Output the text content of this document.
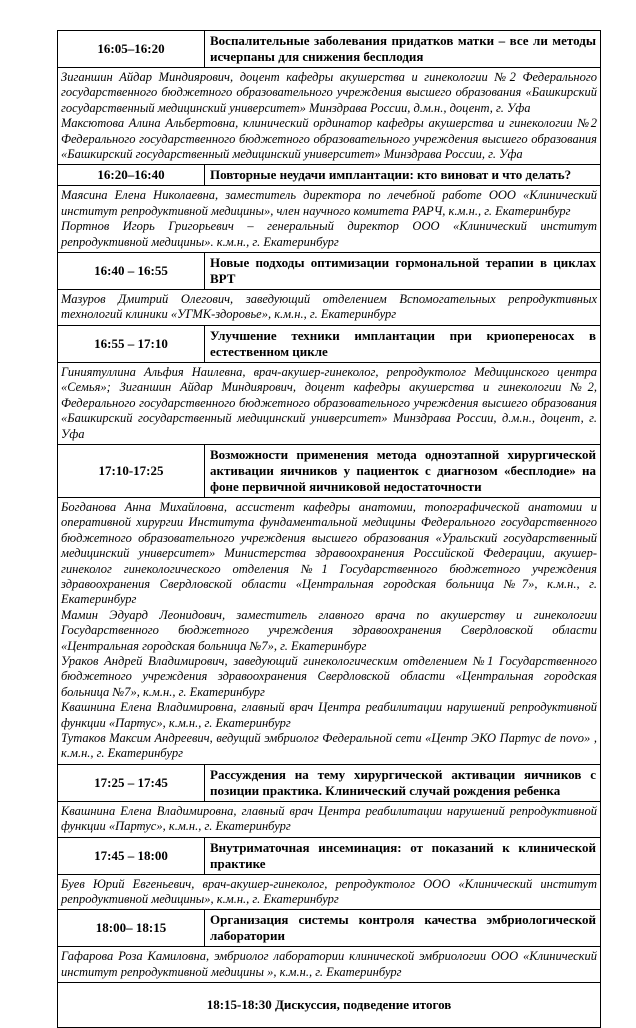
16:05–16:20	Воспалительные заболевания придатков матки – все ли методы исчерпаны для снижения бесплодия

Зиганшин Айдар Миндиярович, доцент кафедры акушерства и гинекологии №2 Федерального государственного бюджетного образовательного учреждения высшего образования «Башкирский государственный медицинский университет» Минздрава России, д.м.н., доцент, г. Уфа

Максютова Алина Альбертовна, клинический ординатор кафедры акушерства и гинекологии №2 Федерального государственного бюджетного образовательного учреждения высшего образования «Башкирский государственный медицинский университет» Минздрава России, г. Уфа	

16:20–16:40	Повторные неудачи имплантации: кто виноват и что делать?

Маясина Елена Николаевна, заместитель директора по лечебной работе ООО «Клинический институт репродуктивной медицины», член научного комитета РАРЧ, к.м.н., г. Екатеринбург

Портнов Игорь Григорьевич – генеральный директор ООО «Клинический институт репродуктивной медицины». к.м.н., г. Екатеринбург	

16:40 – 16:55	Новые подходы оптимизации гормональной терапии в циклах ВРТ

Мазуров Дмитрий Олегович, заведующий отделением Вспомогательных репродуктивных технологий клиники «УГМК-здоровье», к.м.н., г. Екатеринбург	

16:55 – 17:10	Улучшение техники имплантации при криопереносах в естественном цикле

Гиниятуллина Альфия Наилевна, врач-акушер-гинеколог, репродуктолог Медицинского центра «Семья»; Зиганшин Айдар Миндиярович, доцент кафедры акушерства и гинекологии №2, Федерального государственного бюджетного образовательного учреждения высшего образования «Башкирский государственный медицинский университет» Минздрава России, д.м.н., доцент, г. Уфа	

17:10-17:25	Возможности применения метода одноэтапной хирургической активации яичников у пациенток с диагнозом «бесплодие» на фоне первичной яичниковой недостаточности

Богданова Анна Михайловна, ассистент кафедры анатомии, топографической анатомии и оперативной хирургии Института фундаментальной медицины Федерального государственного бюджетного образовательного учреждения высшего образования «Уральский государственный медицинский университет» Министерства здравоохранения Российской Федерации, акушер-гинеколог гинекологического отделения №1 Государственного бюджетного учреждения здравоохранения Свердловской области «Центральная городская больница №7», к.м.н., г. Екатеринбург

Мамин Эдуард Леонидович, заместитель главного врача по акушерству и гинекологии Государственного бюджетного учреждения здравоохранения Свердловской области «Центральная городская больница №7», г. Екатеринбург

Ураков Андрей Владимирович, заведующий гинекологическим отделением №1 Государственного бюджетного учреждения здравоохранения Свердловской области «Центральная городская больница №7», к.м.н., г. Екатеринбург

Квашнина Елена Владимировна, главный врач Центра реабилитации нарушений репродуктивной функции «Партус», к.м.н., г. Екатеринбург

Тутаков Максим Андреевич, ведущий эмбриолог Федеральной сети «Центр ЭКО Партус de novo» , к.м.н., г. Екатеринбург	

17:25 – 17:45	Рассуждения на тему хирургической активации яичников с позиции практика. Клинический случай рождения ребенка

Квашнина Елена Владимировна, главный врач Центра реабилитации нарушений репродуктивной функции «Партус», к.м.н., г. Екатеринбург	

17:45 – 18:00	Внутриматочная инсеминация: от показаний к клинической практике

Буев Юрий Евгеньевич, врач-акушер-гинеколог, репродуктолог ООО «Клинический институт репродуктивной медицины», к.м.н., г. Екатеринбург	

18:00– 18:15	Организация системы контроля качества эмбриологической лаборатории

Гафарова Роза Камиловна, эмбриолог лаборатории клинической эмбриологии ООО «Клинический институт репродуктивной медицины », к.м.н., г. Екатеринбург	

18:15-18:30 Дискуссия, подведение итогов	
